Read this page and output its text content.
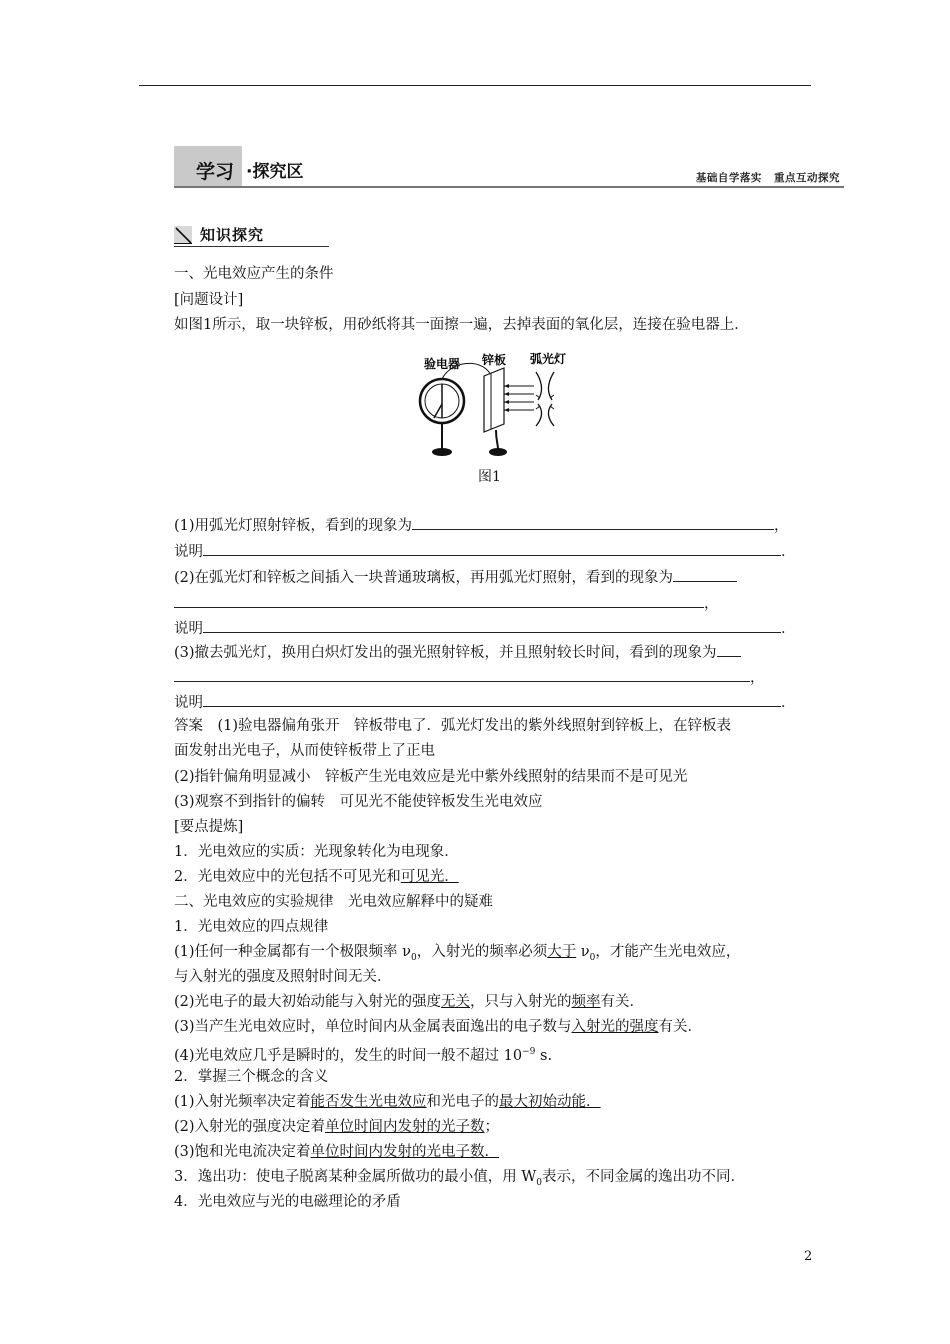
学习 ·探究区	基础自学落实 重点互动探究
知识探究
一、光电效应产生的条件
[问题设计]
如图1所示，取一块锌板，用砂纸将其一面擦一遍，去掉表面的氧化层，连接在验电器上．
验电器 锌板 弧光灯
图1
(1)用弧光灯照射锌板，看到的现象为	，
说明	．
(2)在弧光灯和锌板之间插入一块普通玻璃板，再用弧光灯照射，看到的现象为
，
说明	．
(3)撤去弧光灯，换用白炽灯发出的强光照射锌板，并且照射较长时间，看到的现象为
，
说明	．
答案　(1)验电器偏角张开　锌板带电了．弧光灯发出的紫外线照射到锌板上，在锌板表
面发射出光电子，从而使锌板带上了正电
(2)指针偏角明显减小　锌板产生光电效应是光中紫外线照射的结果而不是可见光
(3)观察不到指针的偏转　可见光不能使锌板发生光电效应
[要点提炼]
1．光电效应的实质：光现象转化为电现象．
2．光电效应中的光包括不可见光和可见光．
二、光电效应的实验规律　光电效应解释中的疑难
1．光电效应的四点规律
(1)任何一种金属都有一个极限频率 $\nu_0$，入射光的频率必须大于 $\nu_0$，才能产生光电效应，
与入射光的强度及照射时间无关．
(2)光电子的最大初始动能与入射光的强度无关，只与入射光的频率有关．
(3)当产生光电效应时，单位时间内从金属表面逸出的电子数与入射光的强度有关．
(4)光电效应几乎是瞬时的，发生的时间一般不超过 $10^{-9}$ s.
2．掌握三个概念的含义
(1)入射光频率决定着能否发生光电效应和光电子的最大初始动能．
(2)入射光的强度决定着单位时间内发射的光子数；
(3)饱和光电流决定着单位时间内发射的光电子数．
3．逸出功：使电子脱离某种金属所做功的最小值，用 $W_0$表示，不同金属的逸出功不同．
4．光电效应与光的电磁理论的矛盾
2
